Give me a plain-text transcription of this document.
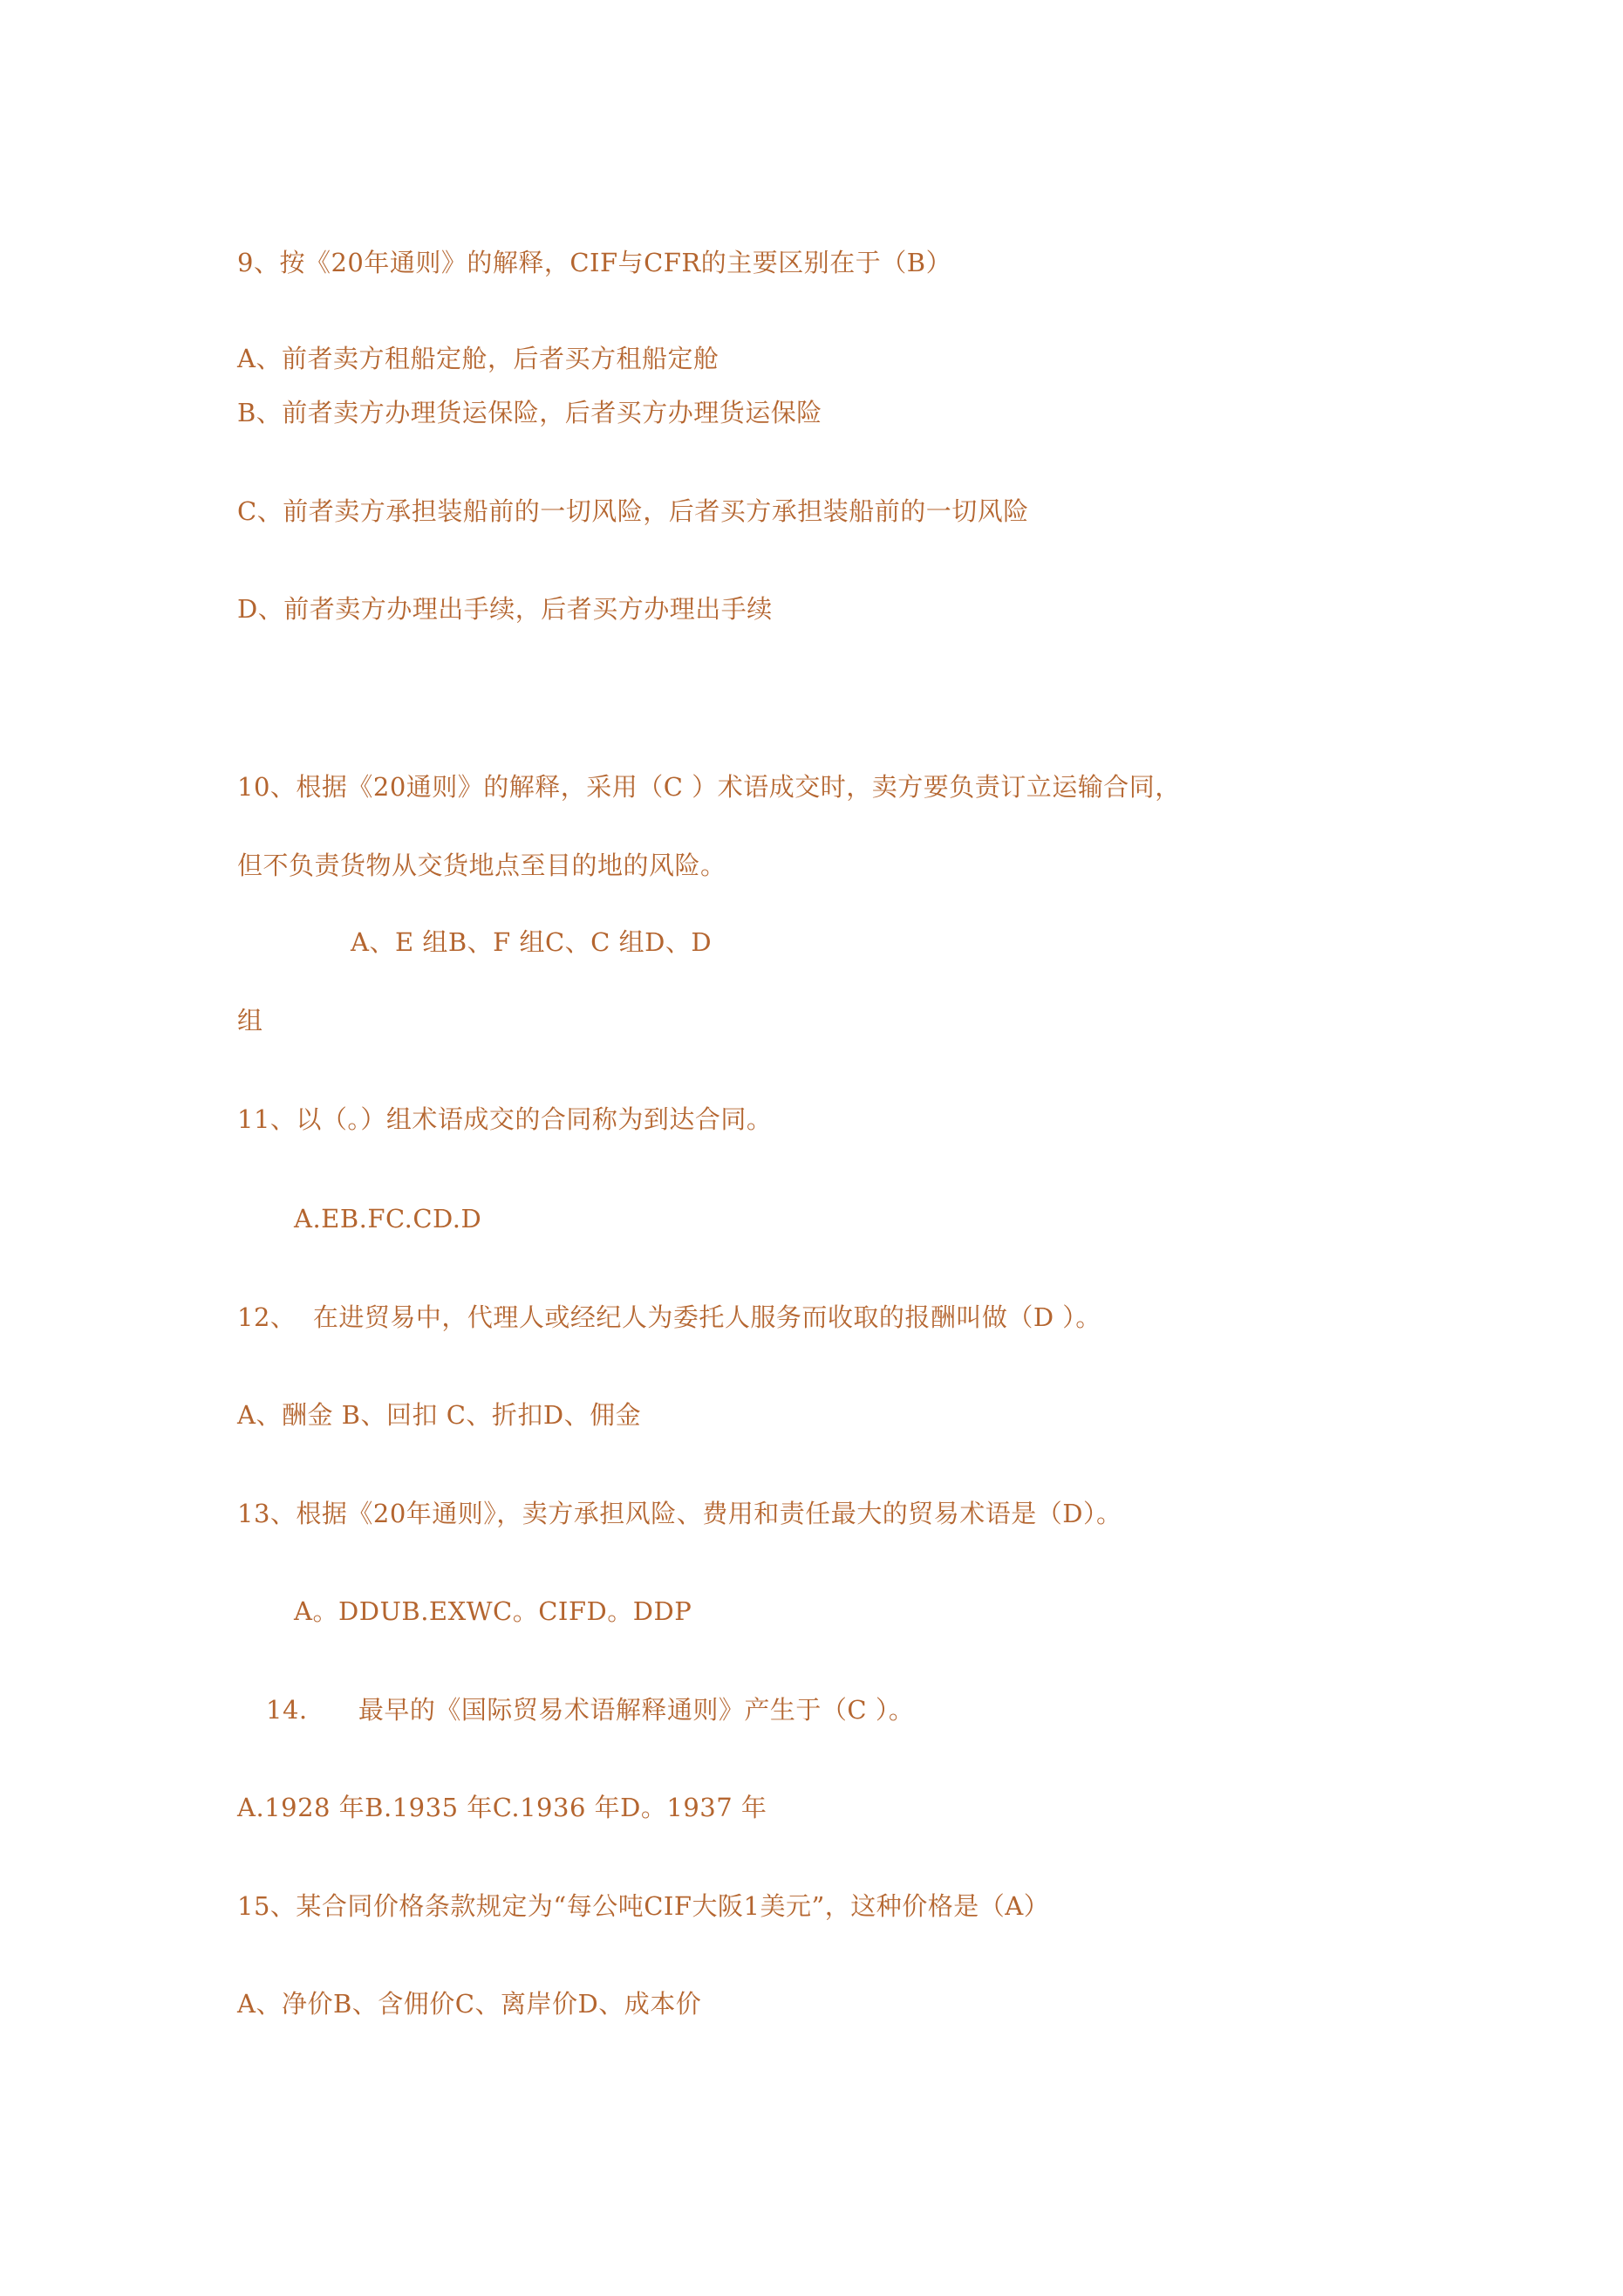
9、按《20年通则》的解释，CIF与CFR的主要区别在于（B）
A、前者卖方租船定舱，后者买方租船定舱
B、前者卖方办理货运保险，后者买方办理货运保险
C、前者卖方承担装船前的一切风险，后者买方承担装船前的一切风险
D、前者卖方办理出手续，后者买方办理出手续
10、根据《20通则》的解释，采用（C ）术语成交时，卖方要负责订立运输合同，
但不负责货物从交货地点至目的地的风险。
A、E 组B、F 组C、C 组D、D
组
11、以（。）组术语成交的合同称为到达合同。
A.EB.FC.CD.D
12、  在进贸易中，代理人或经纪人为委托人服务而收取的报酬叫做（D ）。
A、酬金 B、回扣 C、折扣D、佣金
13、根据《20年通则》，卖方承担风险、费用和责任最大的贸易术语是（D）。
A。DDUB.EXWC。CIFD。DDP
14.      最早的《国际贸易术语解释通则》产生于（C ）。
A.1928 年B.1935 年C.1936 年D。1937 年
15、某合同价格条款规定为“每公吨CIF大阪1美元”，这种价格是（A）
A、净价B、含佣价C、离岸价D、成本价
